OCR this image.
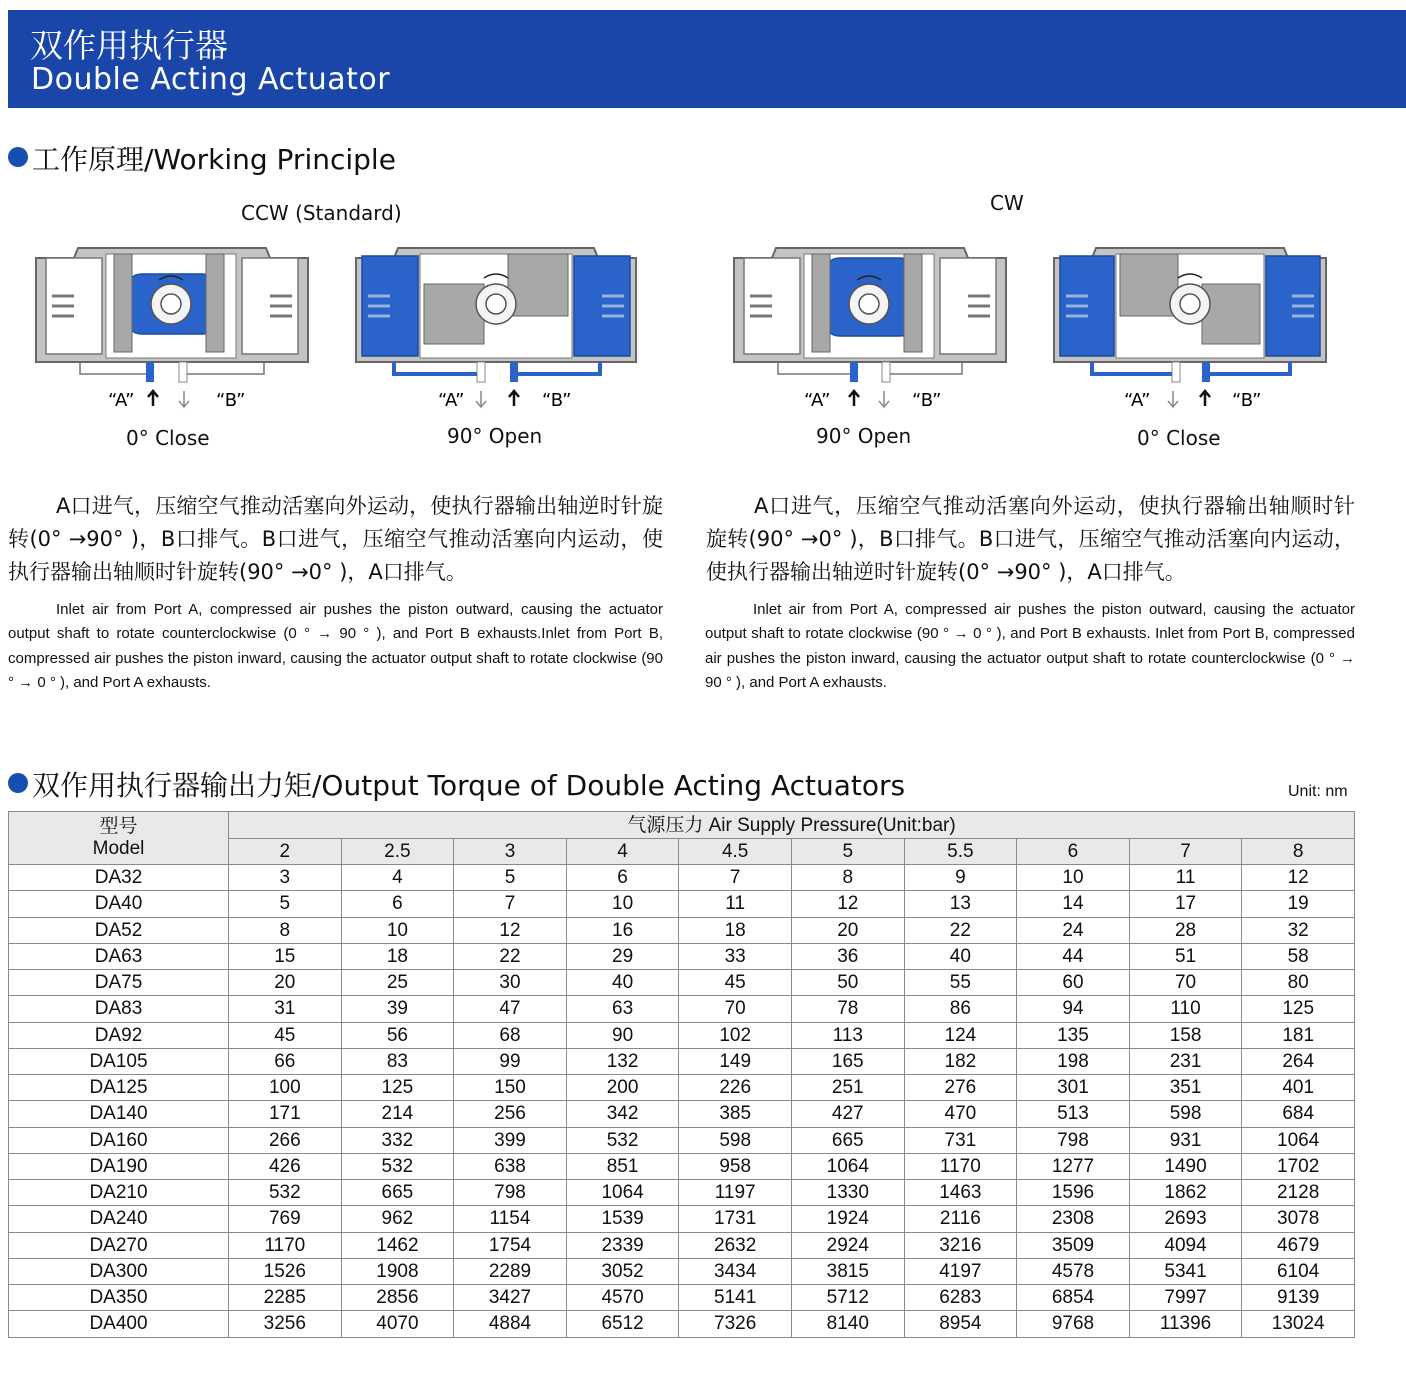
双作用执行器
Double Acting Actuator
工作原理/Working Principle
CCW (Standard)	CW
“A”	“B”	“A”	“B”	“A”	“B”	“A”	“B”
0° Close	90° Open	90° Open	0° Close
A口进气，压缩空气推动活塞向外运动，使执行器输出轴逆时针旋转(0° →90° )，B口排气。B口进气，压缩空气推动活塞向内运动，使执行器输出轴顺时针旋转(90° →0° )，A口排气。
A口进气，压缩空气推动活塞向外运动，使执行器输出轴顺时针旋转(90° →0° )，B口排气。B口进气，压缩空气推动活塞向内运动，使执行器输出轴逆时针旋转(0° →90° )，A口排气。
Inlet air from Port A, compressed air pushes the piston outward, causing the actuator output shaft to rotate counterclockwise (0 ° → 90 ° ), and Port B exhausts.Inlet from Port B, compressed air pushes the piston inward, causing the actuator output shaft to rotate clockwise (90 ° → 0 ° ), and Port A exhausts.
Inlet air from Port A, compressed air pushes the piston outward, causing the actuator output shaft to rotate clockwise (90 ° → 0 ° ), and Port B exhausts. Inlet from Port B, compressed air pushes the piston inward, causing the actuator output shaft to rotate counterclockwise (0 ° → 90 ° ), and Port A exhausts.
双作用执行器输出力矩/Output Torque of Double Acting Actuators	Unit: nm
型号
Model	气源压力 Air Supply Pressure(Unit:bar)									
	2	2.5	3	4	4.5	5	5.5	6	7	8
DA32	3	4	5	6	7	8	9	10	11	12
DA40	5	6	7	10	11	12	13	14	17	19
DA52	8	10	12	16	18	20	22	24	28	32
DA63	15	18	22	29	33	36	40	44	51	58
DA75	20	25	30	40	45	50	55	60	70	80
DA83	31	39	47	63	70	78	86	94	110	125
DA92	45	56	68	90	102	113	124	135	158	181
DA105	66	83	99	132	149	165	182	198	231	264
DA125	100	125	150	200	226	251	276	301	351	401
DA140	171	214	256	342	385	427	470	513	598	684
DA160	266	332	399	532	598	665	731	798	931	1064
DA190	426	532	638	851	958	1064	1170	1277	1490	1702
DA210	532	665	798	1064	1197	1330	1463	1596	1862	2128
DA240	769	962	1154	1539	1731	1924	2116	2308	2693	3078
DA270	1170	1462	1754	2339	2632	2924	3216	3509	4094	4679
DA300	1526	1908	2289	3052	3434	3815	4197	4578	5341	6104
DA350	2285	2856	3427	4570	5141	5712	6283	6854	7997	9139
DA400	3256	4070	4884	6512	7326	8140	8954	9768	11396	13024
